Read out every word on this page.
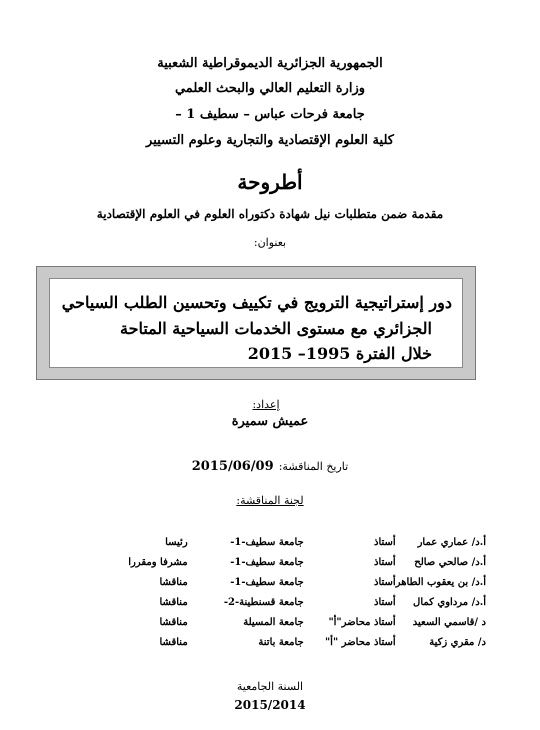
الجمهورية الجزائرية الديموقراطية الشعبية
وزارة التعليم العالي والبحث العلمي
جامعة فرحات عباس – سطيف 1 –
كلية العلوم الإقتصادية والتجارية وعلوم التسيير
أطروحة
مقدمة ضمن متطلبات نيل شهادة دكتوراه العلوم في العلوم الإقتصادية
بعنوان:
دور إستراتيجية الترويج في تكييف وتحسين الطلب السياحي
الجزائري مع مستوى الخدمات السياحية المتاحة
خلال الفترة 1995– 2015
إعداد:
عميش سميرة
تاريخ المناقشة: 2015/06/09
لجنة المناقشة:
أ.د/ عماري عمار	أستاذ	جامعة سطيف-1-	رئيسا
أ.د/ صالحي صالح	أستاذ	جامعة سطيف-1-	مشرفا ومقررا
أ.د/ بن يعقوب الطاهر	أستاذ	جامعة سطيف-1-	مناقشا
أ.د/ مرداوي كمال	أستاذ	جامعة قسنطينة-2-	مناقشا
د /قاسمي السعيد	أستاذ محاضر"أ"	جامعة المسيلة	مناقشا
د/ مقري زكية	أستاذ محاضر "أ"	جامعة باتنة	مناقشا
السنة الجامعية
2015/2014
